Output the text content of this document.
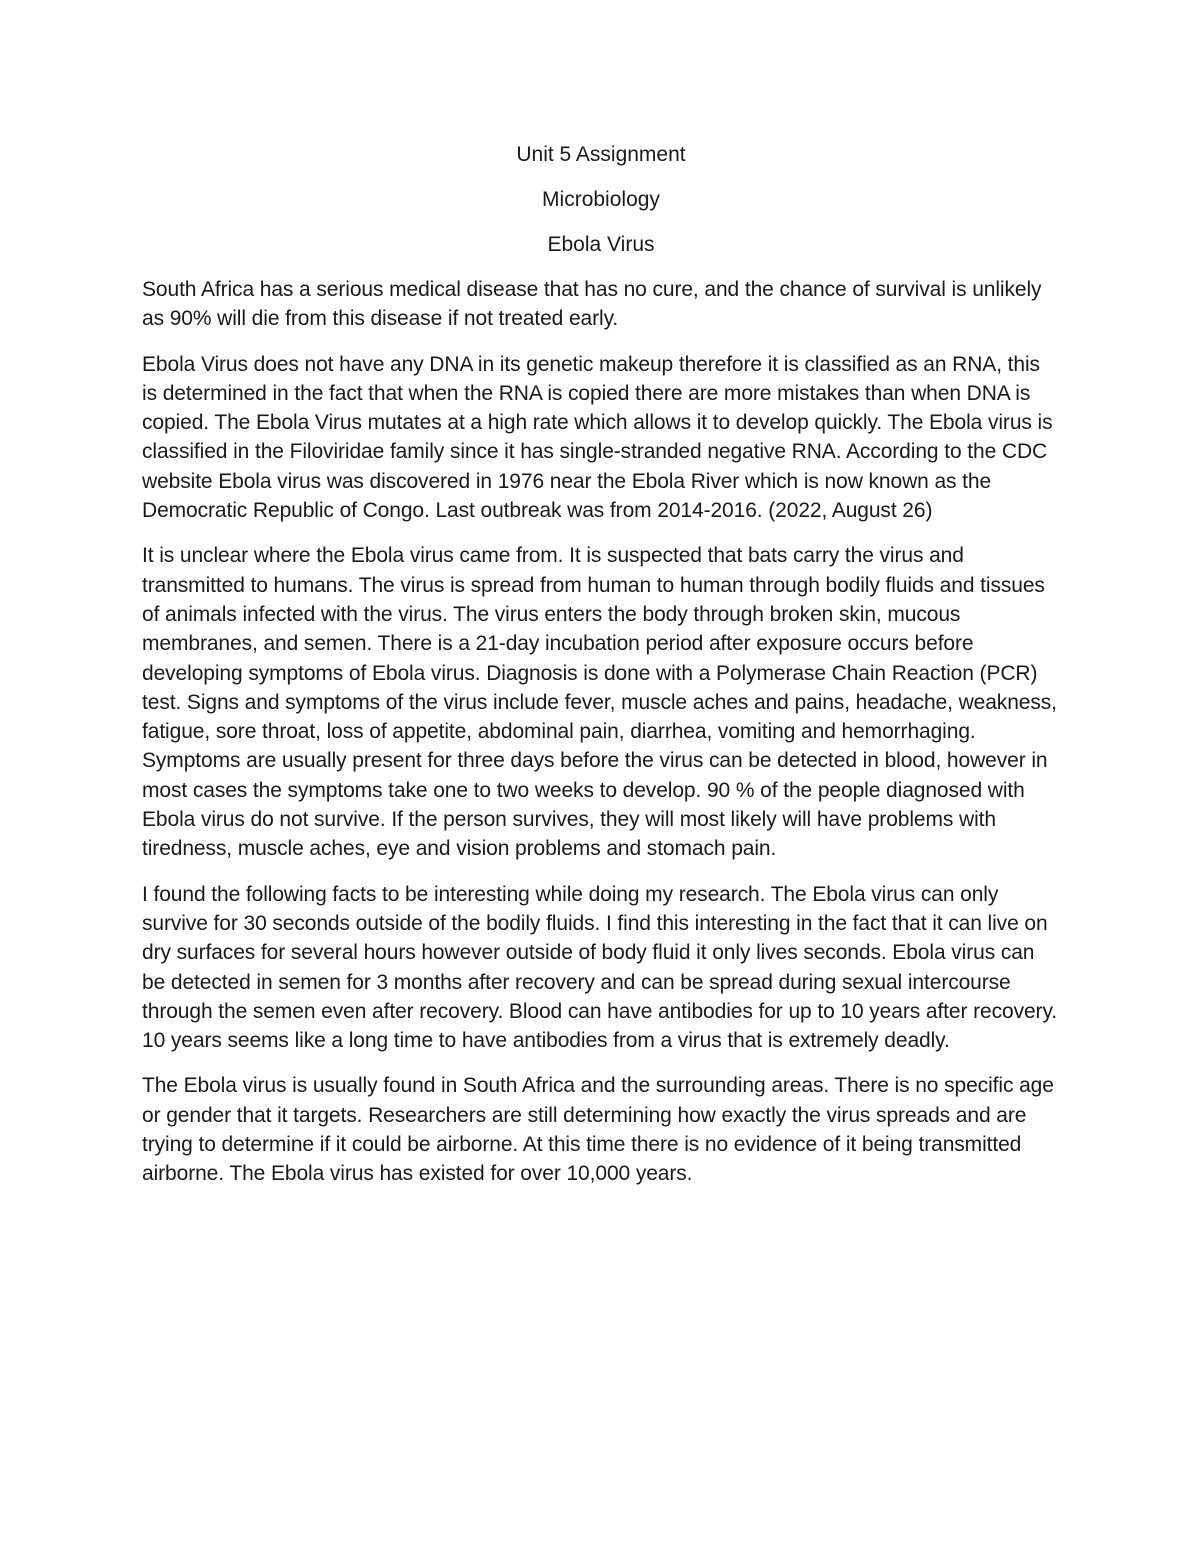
Unit 5 Assignment
Microbiology
Ebola Virus

South Africa has a serious medical disease that has no cure, and the chance of survival is unlikely as 90% will die from this disease if not treated early.

Ebola Virus does not have any DNA in its genetic makeup therefore it is classified as an RNA, this is determined in the fact that when the RNA is copied there are more mistakes than when DNA is copied. The Ebola Virus mutates at a high rate which allows it to develop quickly. The Ebola virus is classified in the Filoviridae family since it has single-stranded negative RNA. According to the CDC website Ebola virus was discovered in 1976 near the Ebola River which is now known as the Democratic Republic of Congo. Last outbreak was from 2014-2016. (2022, August 26)

It is unclear where the Ebola virus came from. It is suspected that bats carry the virus and transmitted to humans. The virus is spread from human to human through bodily fluids and tissues of animals infected with the virus. The virus enters the body through broken skin, mucous membranes, and semen. There is a 21-day incubation period after exposure occurs before developing symptoms of Ebola virus. Diagnosis is done with a Polymerase Chain Reaction (PCR) test. Signs and symptoms of the virus include fever, muscle aches and pains, headache, weakness, fatigue, sore throat, loss of appetite, abdominal pain, diarrhea, vomiting and hemorrhaging. Symptoms are usually present for three days before the virus can be detected in blood, however in most cases the symptoms take one to two weeks to develop. 90 % of the people diagnosed with Ebola virus do not survive. If the person survives, they will most likely will have problems with tiredness, muscle aches, eye and vision problems and stomach pain.

I found the following facts to be interesting while doing my research. The Ebola virus can only survive for 30 seconds outside of the bodily fluids. I find this interesting in the fact that it can live on dry surfaces for several hours however outside of body fluid it only lives seconds. Ebola virus can be detected in semen for 3 months after recovery and can be spread during sexual intercourse through the semen even after recovery. Blood can have antibodies for up to 10 years after recovery. 10 years seems like a long time to have antibodies from a virus that is extremely deadly.

The Ebola virus is usually found in South Africa and the surrounding areas. There is no specific age or gender that it targets. Researchers are still determining how exactly the virus spreads and are trying to determine if it could be airborne. At this time there is no evidence of it being transmitted airborne. The Ebola virus has existed for over 10,000 years.
